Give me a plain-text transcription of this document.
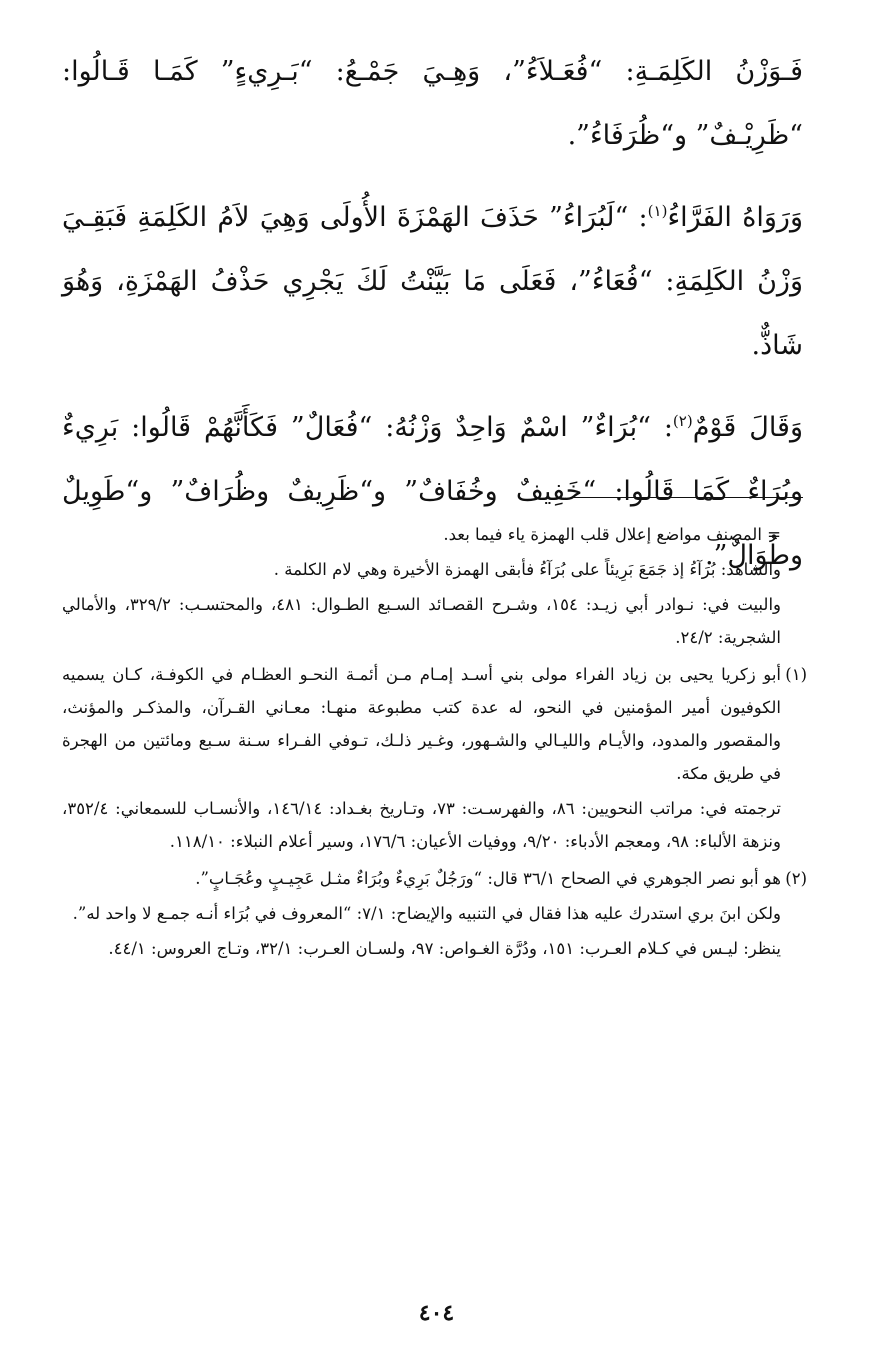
فَـوَزْنُ الكَلِمَـةِ: “فُعَـلاَءُ”، وَهِـيَ جَمْـعُ: “بَـرِيءٍ” كَمَـا قَـالُوا: “ظَرِيْـفٌ” و“ظُرَفَاءُ”.

وَرَوَاهُ الفَرَّاءُ$^{(١)}$: “لَبُرَاءُ” حَذَفَ الهَمْزَةَ الأُولَى وَهِيَ لاَمُ الكَلِمَةِ فَبَقِـيَ وَزْنُ الكَلِمَةِ: “فُعَاءُ”، فَعَلَى مَا بَيَّنْتُ لَكَ يَجْرِي حَذْفُ الهَمْزَةِ، وَهُوَ شَاذٌّ.

وَقَالَ قَوْمٌ$^{(٢)}$: “بُرَاءٌ” اسْمٌ وَاحِدٌ وَزْنُهُ: “فُعَالٌ” فَكَأَنَّهُمْ قَالُوا: بَرِيءٌ وبُرَاءٌ كَمَا قَالُوا: “خَفِيفٌ وخُفَافٌ” و“ظَرِيفٌ وظُرَافٌ” و“طَوِيلٌ وطُوَالٌ”.

= المصنف مواضع إعلال قلب الهمزة ياء فيما بعد.

والشاهد: بُرَآءُ إذ جَمَعَ بَرِيئاً على بُرَآءُ فأبقى الهمزة الأخيرة وهي لام الكلمة .

والبيت في: نـوادر أبي زيـد: ١٥٤، وشـرح القصـائد السـبع الطـوال: ٤٨١، والمحتسـب: ٣٢٩/٢، والأمالي الشجرية: ٢٤/٢.

(١)أبو زكريا يحيى بن زياد الفراء مولى بني أسـد إمـام مـن أئمـة النحـو العظـام في الكوفـة، كـان يسميه الكوفيون أمير المؤمنين في النحو، له عدة كتب مطبوعة منهـا: معـاني القـرآن، والمذكـر والمؤنث، والمقصور والمدود، والأيـام والليـالي والشـهور، وغـير ذلـك، تـوفي الفـراء سـنة سـبع ومائتين من الهجرة في طريق مكة.

ترجمته في: مراتب النحويين: ٨٦، والفهرسـت: ٧٣، وتـاريخ بغـداد: ١٤٦/١٤، والأنسـاب للسمعاني: ٣٥٢/٤، ونزهة الألباء: ٩٨، ومعجم الأدباء: ٩/٢٠، ووفيات الأعيان: ١٧٦/٦، وسير أعلام النبلاء: ١١٨/١٠.

(٢)هو أبو نصر الجوهري في الصحاح ٣٦/١ قال: “ورَجُلٌ بَرِيءٌ وبُرَاءٌ مثـل عَجِيـبٍ وعُجَـابٍ”.

ولكن ابنَ بري استدرك عليه هذا فقال في التنبيه والإيضاح: ٧/١: “المعروف في بُرَاء أنـه جمـع لا واحد له”.

ينظر: ليـس في كـلام العـرب: ١٥١، ودُرَّة الغـواص: ٩٧، ولسـان العـرب: ٣٢/١، وتـاج العروس: ٤٤/١.

٤٠٤
